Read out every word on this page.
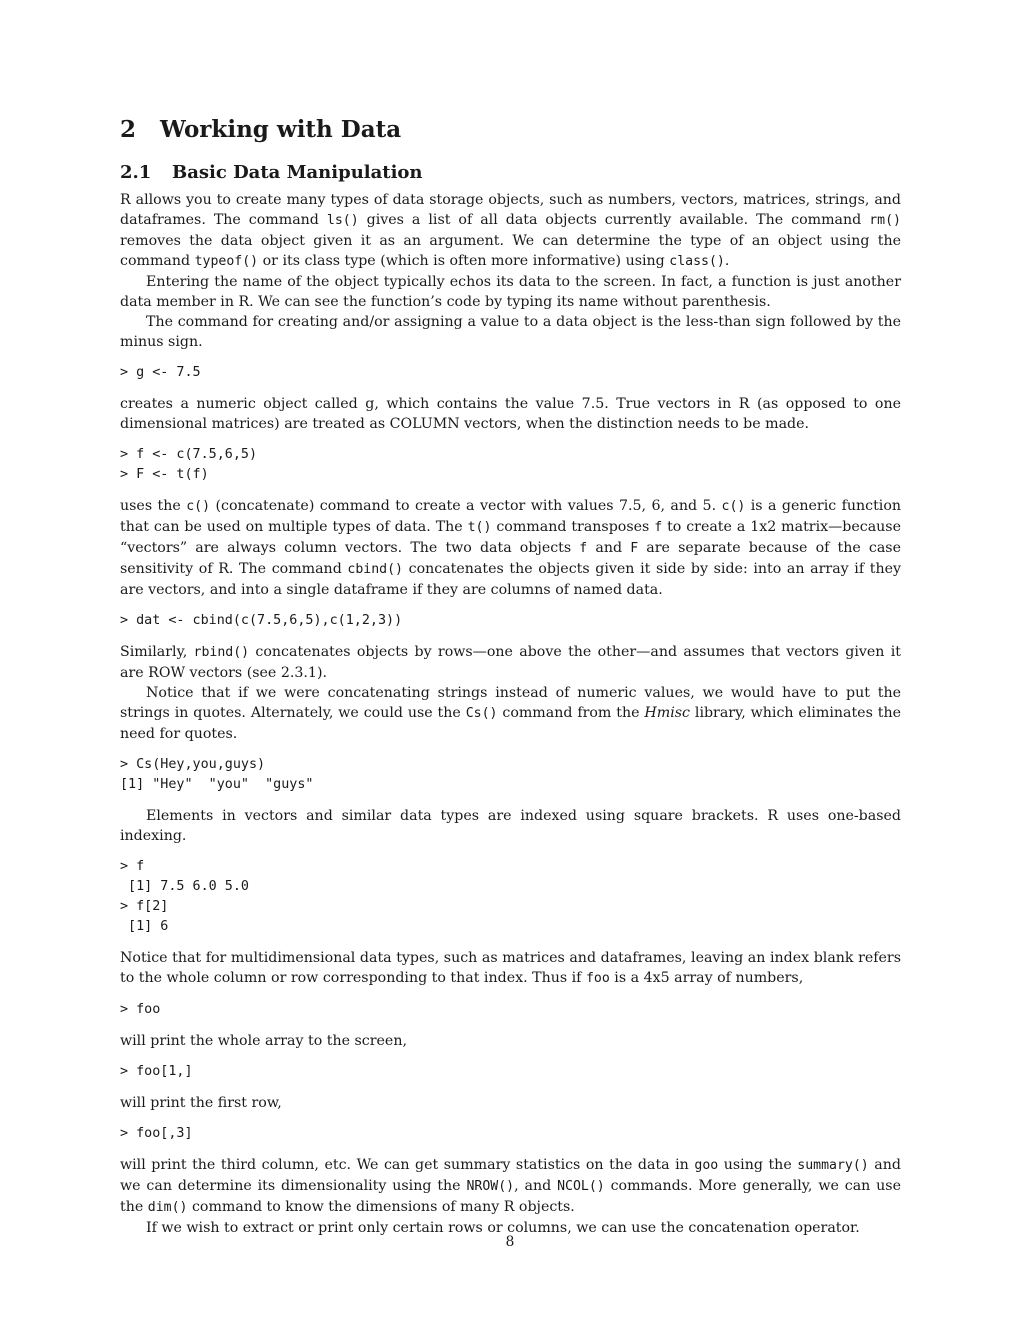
2 Working with Data
2.1 Basic Data Manipulation

R allows you to create many types of data storage objects, such as numbers, vectors, matrices, strings, and dataframes. The command ls() gives a list of all data objects currently available. The command rm() removes the data object given it as an argument. We can determine the type of an object using the command typeof() or its class type (which is often more informative) using class().

Entering the name of the object typically echos its data to the screen. In fact, a function is just another data member in R. We can see the function’s code by typing its name without parenthesis.

The command for creating and/or assigning a value to a data object is the less-than sign followed by the minus sign.

> g <- 7.5

creates a numeric object called g, which contains the value 7.5. True vectors in R (as opposed to one dimensional matrices) are treated as COLUMN vectors, when the distinction needs to be made.

> f <- c(7.5,6,5)
> F <- t(f)

uses the c() (concatenate) command to create a vector with values 7.5, 6, and 5. c() is a generic function that can be used on multiple types of data. The t() command transposes f to create a 1x2 matrix—because “vectors” are always column vectors. The two data objects f and F are separate because of the case sensitivity of R. The command cbind() concatenates the objects given it side by side: into an array if they are vectors, and into a single dataframe if they are columns of named data.

> dat <- cbind(c(7.5,6,5),c(1,2,3))

Similarly, rbind() concatenates objects by rows—one above the other—and assumes that vectors given it are ROW vectors (see 2.3.1).

Notice that if we were concatenating strings instead of numeric values, we would have to put the strings in quotes. Alternately, we could use the Cs() command from the Hmisc library, which eliminates the need for quotes.

> Cs(Hey,you,guys)
[1] "Hey"  "you"  "guys"

Elements in vectors and similar data types are indexed using square brackets. R uses one-based indexing.

> f
[1] 7.5 6.0 5.0
> f[2]
[1] 6

Notice that for multidimensional data types, such as matrices and dataframes, leaving an index blank refers to the whole column or row corresponding to that index. Thus if foo is a 4x5 array of numbers,

> foo

will print the whole array to the screen,

> foo[1,]

will print the first row,

> foo[,3]

will print the third column, etc. We can get summary statistics on the data in goo using the summary() and we can determine its dimensionality using the NROW(), and NCOL() commands. More generally, we can use the dim() command to know the dimensions of many R objects.

If we wish to extract or print only certain rows or columns, we can use the concatenation operator.

8
